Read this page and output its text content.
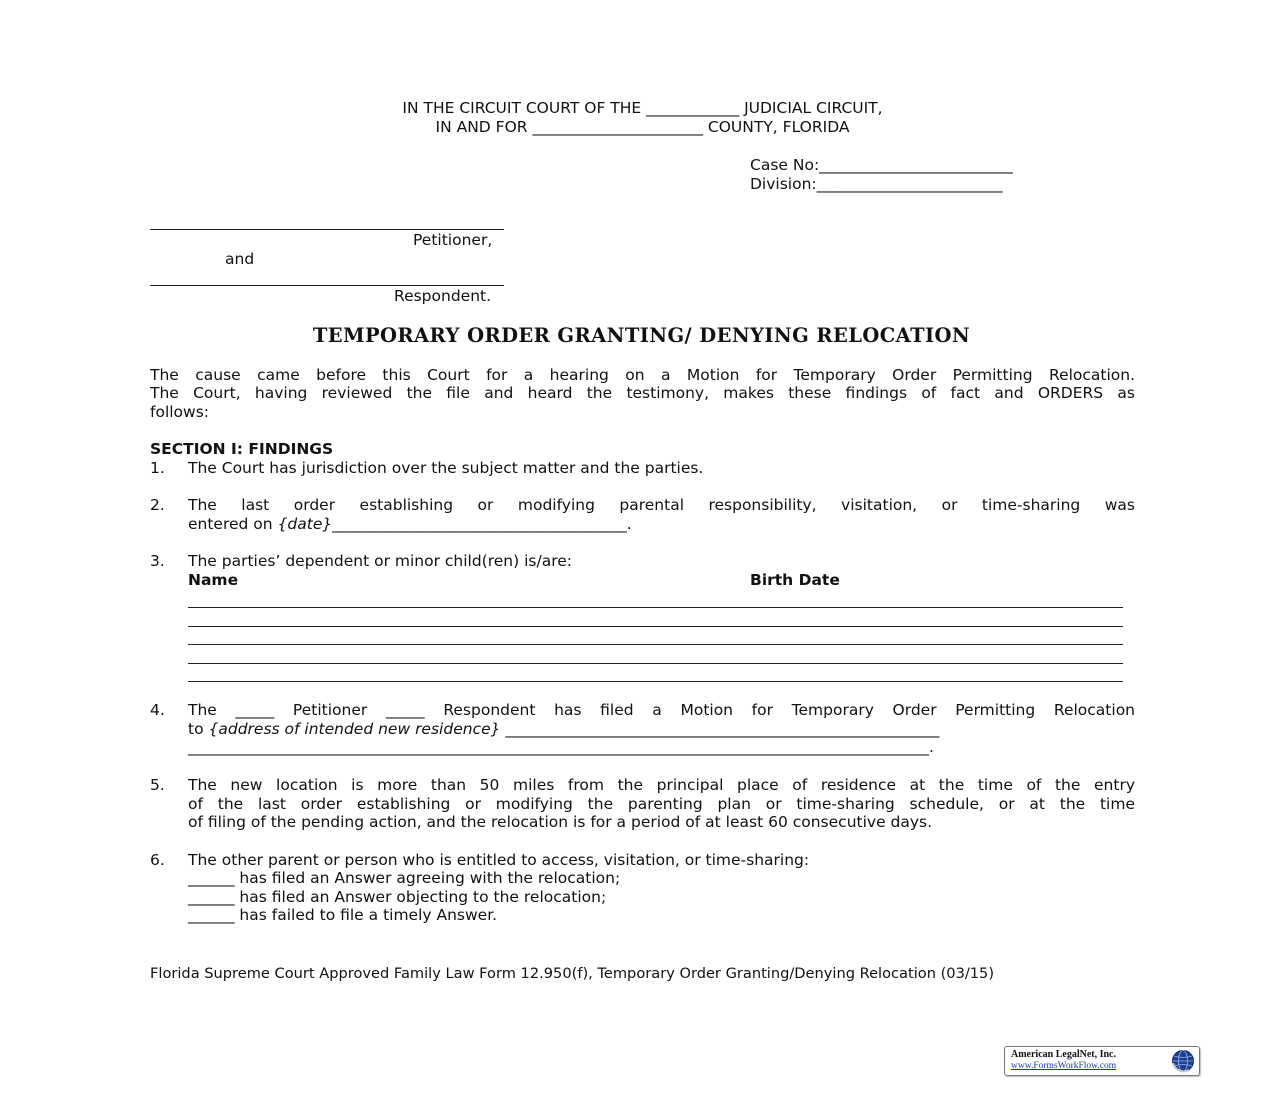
IN THE CIRCUIT COURT OF THE ____________ JUDICIAL CIRCUIT,
IN AND FOR ______________________ COUNTY, FLORIDA
Case No:_________________________
Division:________________________
Petitioner,
and
Respondent.
TEMPORARY ORDER GRANTING/ DENYING RELOCATION
The cause came before this Court for a hearing on a Motion for Temporary Order Permitting Relocation.
The Court, having reviewed the file and heard the testimony, makes these findings of fact and ORDERS as
follows:
SECTION I: FINDINGS
1. The Court has jurisdiction over the subject matter and the parties.
2. The last order establishing or modifying parental responsibility, visitation, or time-sharing was
entered on {date}______________________________________.
3. The parties’ dependent or minor child(ren) is/are:
Name	Birth Date
4. The _____ Petitioner _____ Respondent has filed a Motion for Temporary Order Permitting Relocation
to {address of intended new residence} ________________________________________________________
_______________________________________________________________________________________________.
5. The new location is more than 50 miles from the principal place of residence at the time of the entry
of the last order establishing or modifying the parenting plan or time-sharing schedule, or at the time
of filing of the pending action, and the relocation is for a period of at least 60 consecutive days.
6. The other parent or person who is entitled to access, visitation, or time-sharing:
______ has filed an Answer agreeing with the relocation;
______ has filed an Answer objecting to the relocation;
______ has failed to file a timely Answer.
Florida Supreme Court Approved Family Law Form 12.950(f), Temporary Order Granting/Denying Relocation (03/15)
American LegalNet, Inc.
www.FormsWorkFlow.com
